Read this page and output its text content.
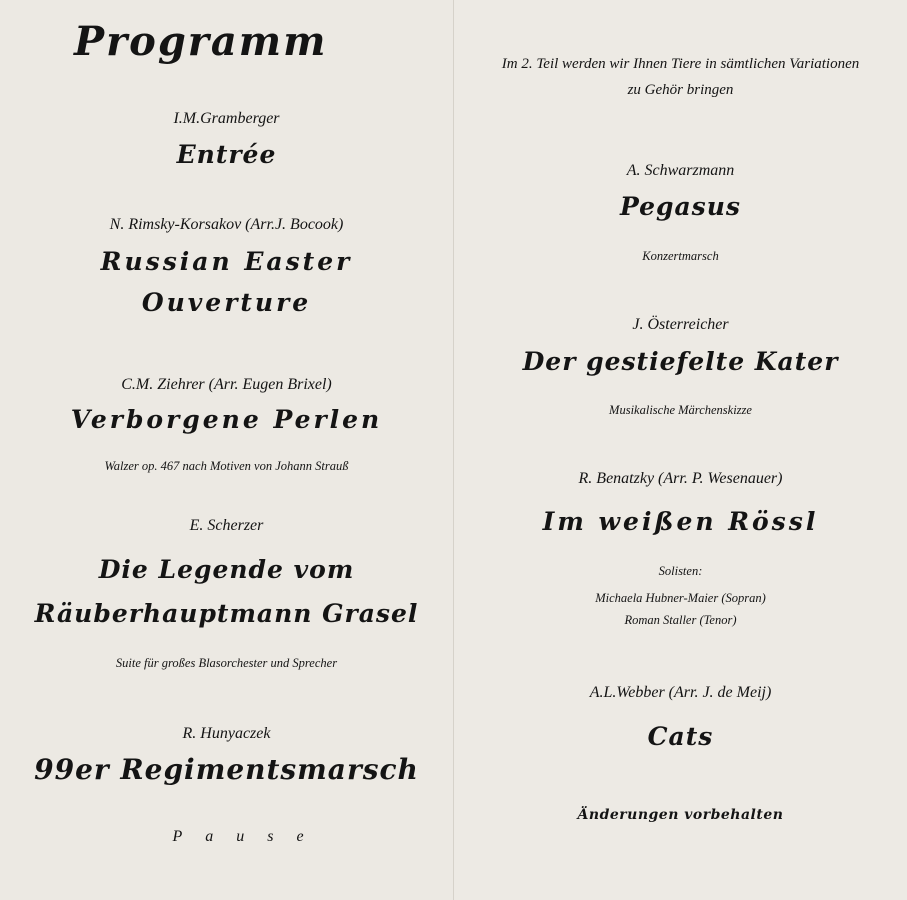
Programm

I.M.Gramberger

Entrée

N. Rimsky-Korsakov (Arr.J. Bocook)

Russian Easter

Ouverture

C.M. Ziehrer (Arr. Eugen Brixel)

Verborgene Perlen

Walzer op. 467 nach Motiven von Johann Strauß

E. Scherzer

Die Legende vom

Räuberhauptmann Grasel

Suite für großes Blasorchester und Sprecher

R. Hunyaczek

99er Regimentsmarsch

Pause

Im 2. Teil werden wir Ihnen Tiere in sämtlichen Variationen

zu Gehör bringen

A. Schwarzmann

Pegasus

Konzertmarsch

J. Österreicher

Der gestiefelte Kater

Musikalische Märchenskizze

R. Benatzky (Arr. P. Wesenauer)

Im weißen Rössl

Solisten:

Michaela Hubner-Maier (Sopran)

Roman Staller (Tenor)

A.L.Webber (Arr. J. de Meij)

Cats

Änderungen vorbehalten
